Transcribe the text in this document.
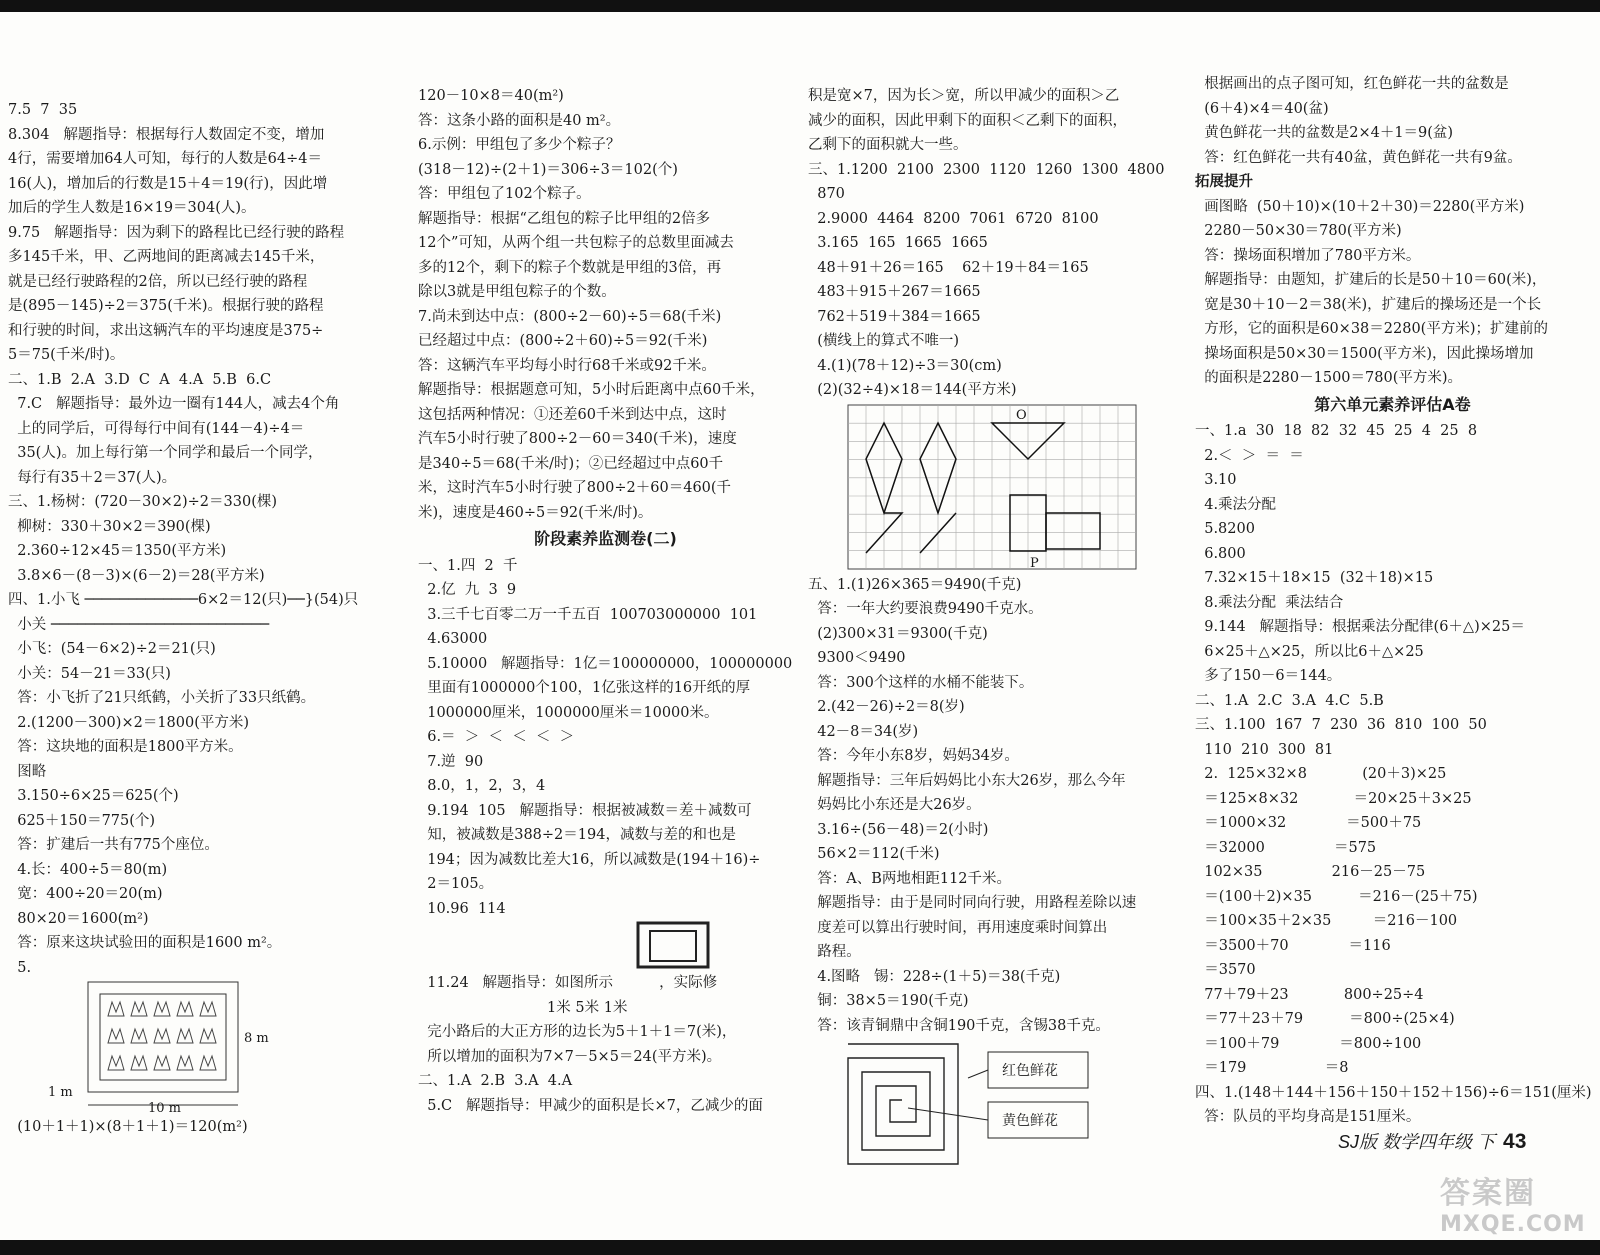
7.5  7  35
8.304   解题指导：根据每行人数固定不变，增加
4行，需要增加64人可知，每行的人数是64÷4＝
16(人)，增加后的行数是15＋4＝19(行)，因此增
加后的学生人数是16×19＝304(人)。
9.75   解题指导：因为剩下的路程比已经行驶的路程
多145千米，甲、乙两地间的距离减去145千米，
就是已经行驶路程的2倍，所以已经行驶的路程
是(895－145)÷2＝375(千米)。根据行驶的路程
和行驶的时间，求出这辆汽车的平均速度是375÷
5＝75(千米/时)。
二、1.B  2.A  3.D  C  A  4.A  5.B  6.C
7.C   解题指导：最外边一圈有144人，减去4个角
上的同学后，可得每行中间有(144－4)÷4＝
35(人)。加上每行第一个同学和最后一个同学，
每行有35＋2＝37(人)。
三、1.杨树：(720－30×2)÷2＝330(棵)
柳树：330＋30×2＝390(棵)
2.360÷12×45＝1350(平方米)
3.8×6－(8－3)×(6－2)＝28(平方米)
四、1.小飞 ─────────────6×2＝12(只)──}(54)只
小关 ─────────────────────────
小飞：(54－6×2)÷2＝21(只)
小关：54－21＝33(只)
答：小飞折了21只纸鹤，小关折了33只纸鹤。
2.(1200－300)×2＝1800(平方米)
答：这块地的面积是1800平方米。
图略
3.150÷6×25＝625(个)
625＋150＝775(个)
答：扩建后一共有775个座位。
4.长：400÷5＝80(m)
宽：400÷20＝20(m)
80×20＝1600(m²)
答：原来这块试验田的面积是1600 m²。
5.
8 m
10 m
1 m
(10＋1＋1)×(8＋1＋1)＝120(m²)
120－10×8＝40(m²)
答：这条小路的面积是40 m²。
6.示例：甲组包了多少个粽子？
(318－12)÷(2＋1)＝306÷3＝102(个)
答：甲组包了102个粽子。
解题指导：根据“乙组包的粽子比甲组的2倍多
12个”可知，从两个组一共包粽子的总数里面减去
多的12个，剩下的粽子个数就是甲组的3倍，再
除以3就是甲组包粽子的个数。
7.尚未到达中点：(800÷2－60)÷5＝68(千米)
已经超过中点：(800÷2＋60)÷5＝92(千米)
答：这辆汽车平均每小时行68千米或92千米。
解题指导：根据题意可知，5小时后距离中点60千米，
这包括两种情况：①还差60千米到达中点，这时
汽车5小时行驶了800÷2－60＝340(千米)，速度
是340÷5＝68(千米/时)；②已经超过中点60千
米，这时汽车5小时行驶了800÷2＋60＝460(千
米)，速度是460÷5＝92(千米/时)。
阶段素养监测卷(二)
一、1.四  2  千
2.亿  九  3  9
3.三千七百零二万一千五百  100703000000  101
4.63000
5.10000   解题指导：1亿＝100000000，100000000
里面有1000000个100，1亿张这样的16开纸的厚
1000000厘米，1000000厘米＝10000米。
6.＝  ＞  ＜  ＜  ＜  ＞
7.逆  90
8.0，1，2，3，4
9.194  105   解题指导：根据被减数＝差＋减数可
知，被减数是388÷2＝194，减数与差的和也是
194；因为减数比差大16，所以减数是(194＋16)÷
2＝105。
10.96  114
11.24   解题指导：如图所示          ，实际修
1米 5米 1米
完小路后的大正方形的边长为5＋1＋1＝7(米)，
所以增加的面积为7×7－5×5＝24(平方米)。
二、1.A  2.B  3.A  4.A
5.C   解题指导：甲减少的面积是长×7，乙减少的面
积是宽×7，因为长＞宽，所以甲减少的面积＞乙
减少的面积，因此甲剩下的面积＜乙剩下的面积，
乙剩下的面积就大一些。
三、1.1200  2100  2300  1120  1260  1300  4800
870
2.9000  4464  8200  7061  6720  8100
3.165  165  1665  1665
48＋91＋26＝165    62＋19＋84＝165
483＋915＋267＝1665
762＋519＋384＝1665
(横线上的算式不唯一)
4.(1)(78＋12)÷3＝30(cm)
(2)(32÷4)×18＝144(平方米)
O
P
五、1.(1)26×365＝9490(千克)
答：一年大约要浪费9490千克水。
(2)300×31＝9300(千克)
9300＜9490
答：300个这样的水桶不能装下。
2.(42－26)÷2＝8(岁)
42－8＝34(岁)
答：今年小东8岁，妈妈34岁。
解题指导：三年后妈妈比小东大26岁，那么今年
妈妈比小东还是大26岁。
3.16÷(56－48)＝2(小时)
56×2＝112(千米)
答：A、B两地相距112千米。
解题指导：由于是同时同向行驶，用路程差除以速
度差可以算出行驶时间，再用速度乘时间算出
路程。
4.图略   锡：228÷(1＋5)＝38(千克)
铜：38×5＝190(千克)
答：该青铜鼎中含铜190千克，含锡38千克。
红色鲜花
黄色鲜花
根据画出的点子图可知，红色鲜花一共的盆数是
(6＋4)×4＝40(盆)
黄色鲜花一共的盆数是2×4＋1＝9(盆)
答：红色鲜花一共有40盆，黄色鲜花一共有9盆。
拓展提升
画图略  (50＋10)×(10＋2＋30)＝2280(平方米)
2280－50×30＝780(平方米)
答：操场面积增加了780平方米。
解题指导：由题知，扩建后的长是50＋10＝60(米)，
宽是30＋10－2＝38(米)，扩建后的操场还是一个长
方形，它的面积是60×38＝2280(平方米)；扩建前的
操场面积是50×30＝1500(平方米)，因此操场增加
的面积是2280－1500＝780(平方米)。
第六单元素养评估A卷
一、1.a  30  18  82  32  45  25  4  25  8
2.＜  ＞  ＝  ＝
3.10
4.乘法分配
5.8200
6.800
7.32×15＋18×15  (32＋18)×15
8.乘法分配  乘法结合
9.144   解题指导：根据乘法分配律(6＋△)×25＝
6×25＋△×25，所以比6＋△×25
多了150－6＝144。
二、1.A  2.C  3.A  4.C  5.B
三、1.100  167  7  230  36  810  100  50
110  210  300  81
2.  125×32×8            (20＋3)×25
＝125×8×32            ＝20×25＋3×25
＝1000×32             ＝500＋75
＝32000               ＝575
102×35               216－25－75
＝(100＋2)×35          ＝216－(25＋75)
＝100×35＋2×35         ＝216－100
＝3500＋70             ＝116
＝3570
77＋79＋23            800÷25÷4
＝77＋23＋79          ＝800÷(25×4)
＝100＋79             ＝800÷100
＝179                 ＝8
四、1.(148＋144＋156＋150＋152＋156)÷6＝151(厘米)
答：队员的平均身高是151厘米。
SJ版 数学四年级 下 43
答案圈
MXQE.COM
